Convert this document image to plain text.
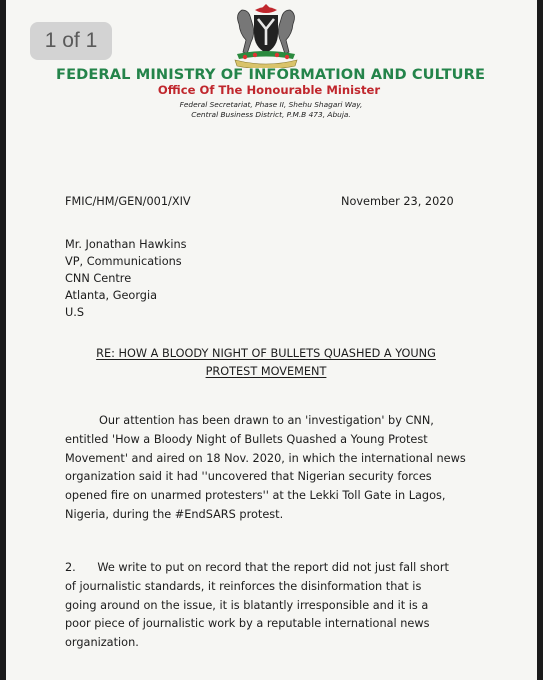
FEDERAL MINISTRY OF INFORMATION AND CULTURE
Office Of The Honourable Minister
Federal Secretariat, Phase II, Shehu Shagari Way,
Central Business District, P.M.B 473, Abuja.
FMIC/HM/GEN/001/XIV	November 23, 2020
Mr. Jonathan Hawkins
VP, Communications
CNN Centre
Atlanta, Georgia
U.S
RE: HOW A BLOODY NIGHT OF BULLETS QUASHED A YOUNG
PROTEST MOVEMENT
Our attention has been drawn to an 'investigation' by CNN,
entitled 'How a Bloody Night of Bullets Quashed a Young Protest
Movement' and aired on 18 Nov. 2020, in which the international news
organization said it had ''uncovered that Nigerian security forces
opened fire on unarmed protesters'' at the Lekki Toll Gate in Lagos,
Nigeria, during the #EndSARS protest.
2.      We write to put on record that the report did not just fall short
of journalistic standards, it reinforces the disinformation that is
going around on the issue, it is blatantly irresponsible and it is a
poor piece of journalistic work by a reputable international news
organization.
1 of 1
